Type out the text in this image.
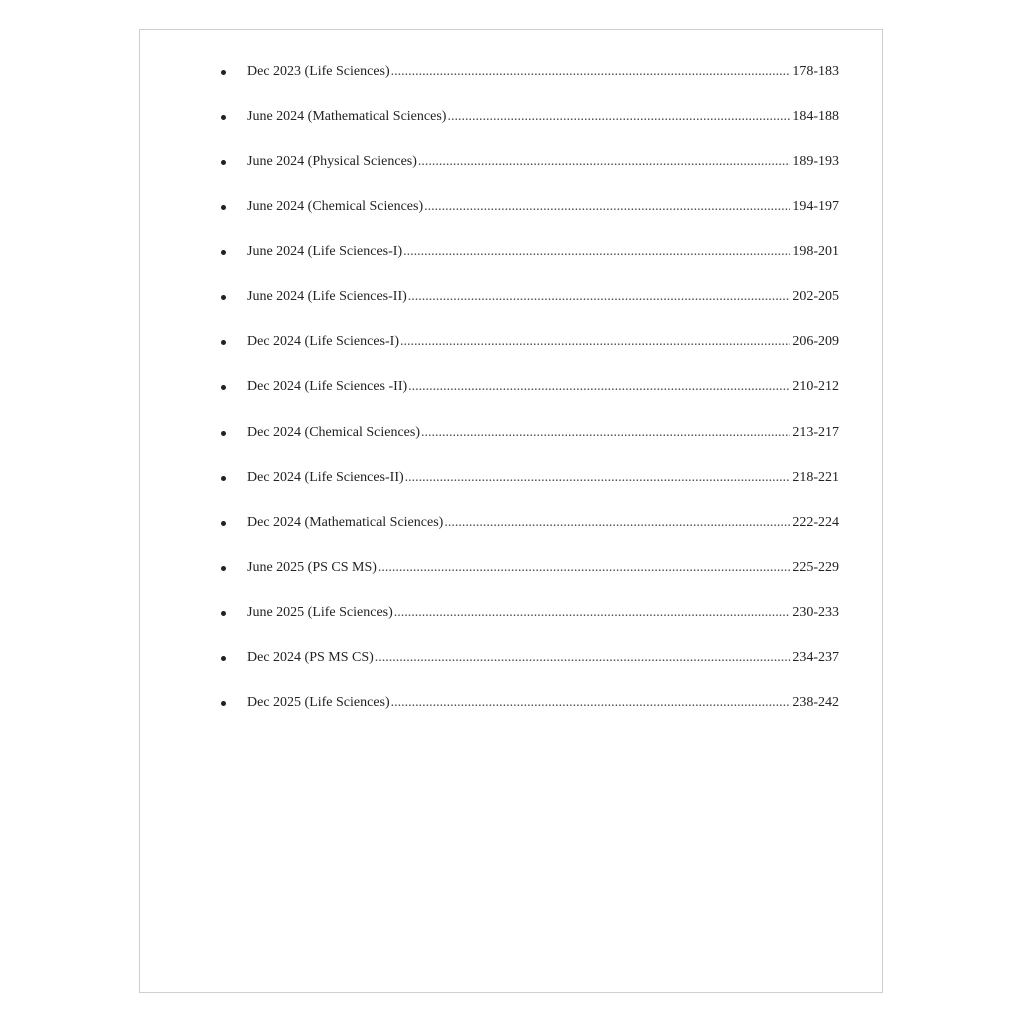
Dec 2023 (Life Sciences) .....	178-183
June 2024 (Mathematical Sciences) .....	184-188
June 2024 (Physical Sciences) .....	189-193
June 2024 (Chemical Sciences) .....	194-197
June 2024 (Life Sciences-I) .....	198-201
June 2024 (Life Sciences-II) .....	202-205
Dec 2024 (Life Sciences-I) .....	206-209
Dec 2024 (Life Sciences -II) .....	210-212
Dec 2024 (Chemical Sciences) .....	213-217
Dec 2024 (Life Sciences-II) .....	218-221
Dec 2024 (Mathematical Sciences) .....	222-224
June 2025 (PS CS MS) .....	225-229
June 2025 (Life Sciences) .....	230-233
Dec 2024 (PS MS CS) .....	234-237
Dec 2025 (Life Sciences) .....	238-242
